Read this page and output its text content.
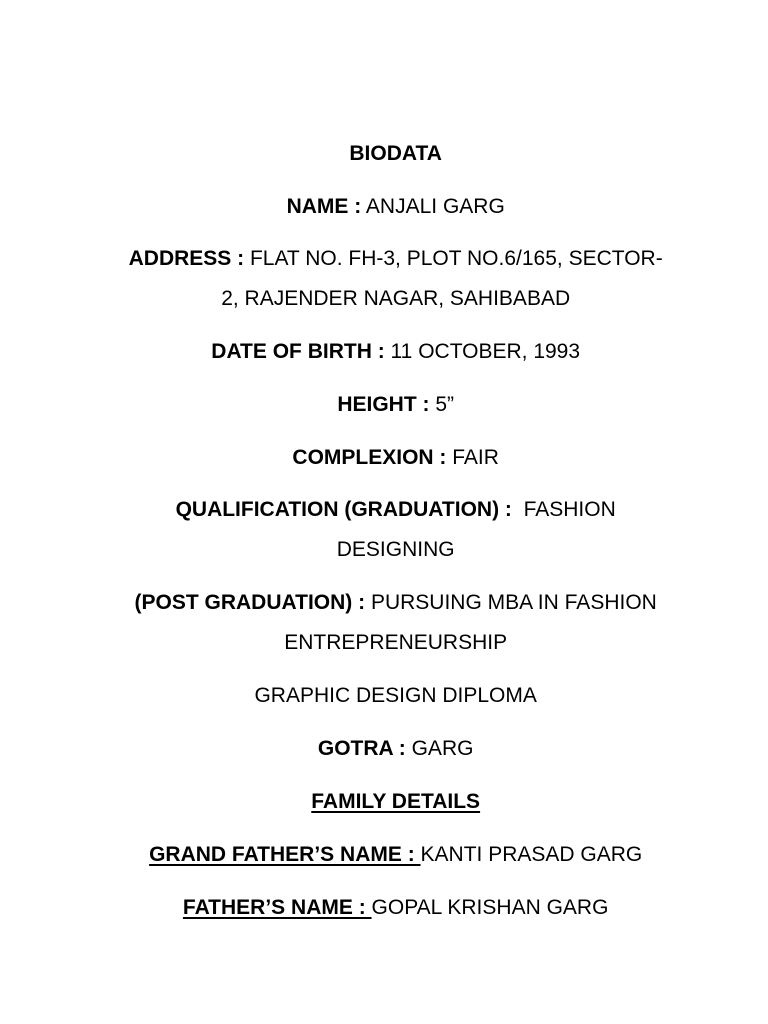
BIODATA

NAME : ANJALI GARG

ADDRESS : FLAT NO. FH-3, PLOT NO.6/165, SECTOR-

2, RAJENDER NAGAR, SAHIBABAD

DATE OF BIRTH : 11 OCTOBER, 1993

HEIGHT : 5”

COMPLEXION : FAIR

QUALIFICATION (GRADUATION) :  FASHION

DESIGNING

(POST GRADUATION) : PURSUING MBA IN FASHION

ENTREPRENEURSHIP

GRAPHIC DESIGN DIPLOMA

GOTRA : GARG

FAMILY DETAILS

GRAND FATHER’S NAME : KANTI PRASAD GARG

FATHER’S NAME : GOPAL KRISHAN GARG
